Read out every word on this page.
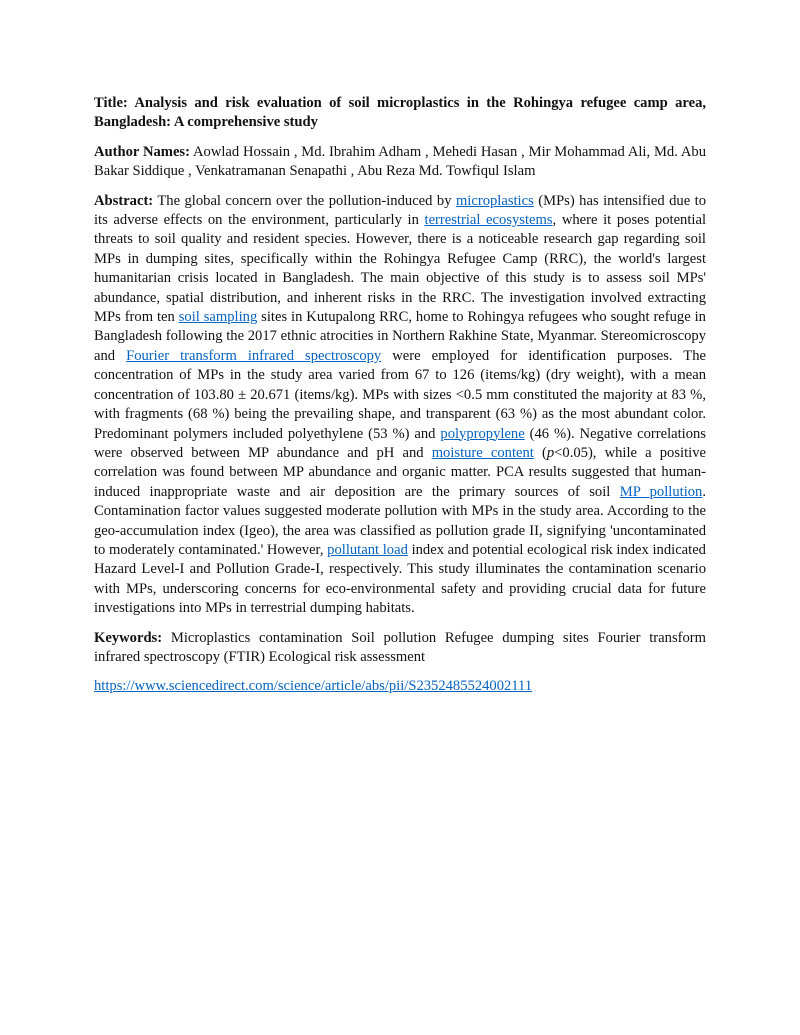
Title: Analysis and risk evaluation of soil microplastics in the Rohingya refugee camp area, Bangladesh: A comprehensive study

Author Names: Aowlad Hossain , Md. Ibrahim Adham , Mehedi Hasan , Mir Mohammad Ali, Md. Abu Bakar Siddique , Venkatramanan Senapathi , Abu Reza Md. Towfiqul Islam

Abstract: The global concern over the pollution-induced by microplastics (MPs) has intensified due to its adverse effects on the environment, particularly in terrestrial ecosystems, where it poses potential threats to soil quality and resident species. However, there is a noticeable research gap regarding soil MPs in dumping sites, specifically within the Rohingya Refugee Camp (RRC), the world's largest humanitarian crisis located in Bangladesh. The main objective of this study is to assess soil MPs' abundance, spatial distribution, and inherent risks in the RRC. The investigation involved extracting MPs from ten soil sampling sites in Kutupalong RRC, home to Rohingya refugees who sought refuge in Bangladesh following the 2017 ethnic atrocities in Northern Rakhine State, Myanmar. Stereomicroscopy and Fourier transform infrared spectroscopy were employed for identification purposes. The concentration of MPs in the study area varied from 67 to 126 (items/kg) (dry weight), with a mean concentration of 103.80 ± 20.671 (items/kg). MPs with sizes <0.5 mm constituted the majority at 83 %, with fragments (68 %) being the prevailing shape, and transparent (63 %) as the most abundant color. Predominant polymers included polyethylene (53 %) and polypropylene (46 %). Negative correlations were observed between MP abundance and pH and moisture content (p<0.05), while a positive correlation was found between MP abundance and organic matter. PCA results suggested that human-induced inappropriate waste and air deposition are the primary sources of soil MP pollution. Contamination factor values suggested moderate pollution with MPs in the study area. According to the geo-accumulation index (Igeo), the area was classified as pollution grade II, signifying 'uncontaminated to moderately contaminated.' However, pollutant load index and potential ecological risk index indicated Hazard Level-I and Pollution Grade-I, respectively. This study illuminates the contamination scenario with MPs, underscoring concerns for eco-environmental safety and providing crucial data for future investigations into MPs in terrestrial dumping habitats.

Keywords: Microplastics contamination Soil pollution Refugee dumping sites Fourier transform infrared spectroscopy (FTIR) Ecological risk assessment

https://www.sciencedirect.com/science/article/abs/pii/S2352485524002111
